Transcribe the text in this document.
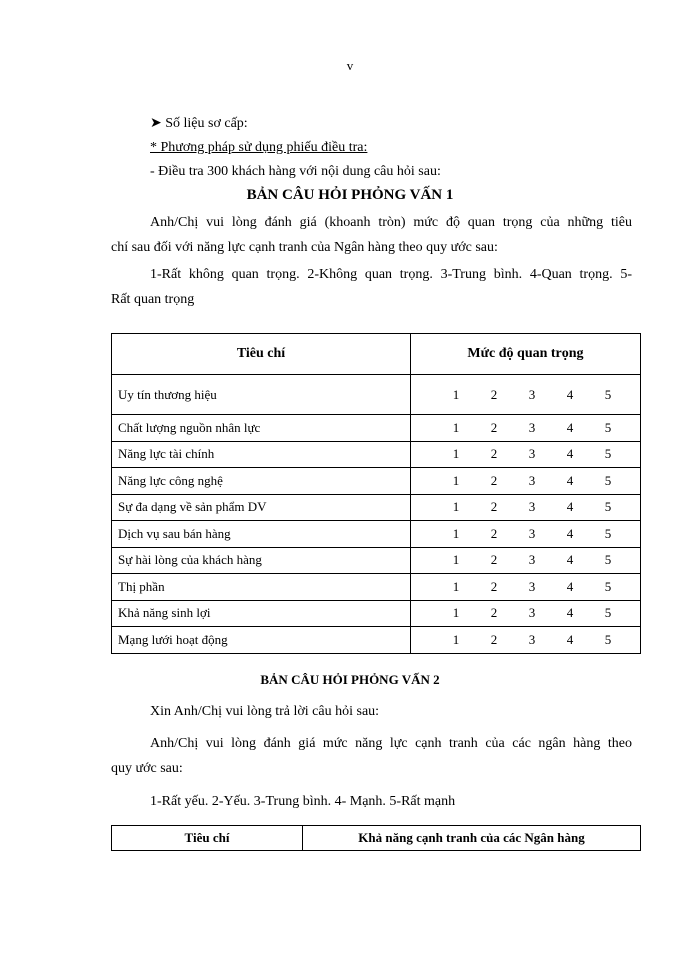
v
➤ Số liệu sơ cấp:
* Phương pháp sử dụng phiếu điều tra:
- Điều tra 300 khách hàng với nội dung câu hỏi sau:
BẢN CÂU HỎI PHỎNG VẤN 1
Anh/Chị vui lòng đánh giá (khoanh tròn) mức độ quan trọng của những tiêu
chí sau đối với năng lực cạnh tranh của Ngân hàng theo quy ước sau:
1-Rất không quan trọng. 2-Không quan trọng. 3-Trung bình. 4-Quan trọng. 5-
Rất quan trọng
Tiêu chí	Mức độ quan trọng
Uy tín thương hiệu	1 2 3 4 5

Chất lượng nguồn nhân lực	1 2 3 4 5

Năng lực tài chính	1 2 3 4 5

Năng lực công nghệ	1 2 3 4 5

Sự đa dạng về sản phẩm DV	1 2 3 4 5

Dịch vụ sau bán hàng	1 2 3 4 5

Sự hài lòng của khách hàng	1 2 3 4 5

Thị phần	1 2 3 4 5

Khả năng sinh lợi	1 2 3 4 5

Mạng lưới hoạt động	1 2 3 4 5
BẢN CÂU HỎI PHỎNG VẤN 2
Xin Anh/Chị vui lòng trả lời câu hỏi sau:
Anh/Chị vui lòng đánh giá mức năng lực cạnh tranh của các ngân hàng theo
quy ước sau:
1-Rất yếu. 2-Yếu. 3-Trung bình. 4- Mạnh. 5-Rất mạnh
Tiêu chí	Khả năng cạnh tranh của các Ngân hàng
